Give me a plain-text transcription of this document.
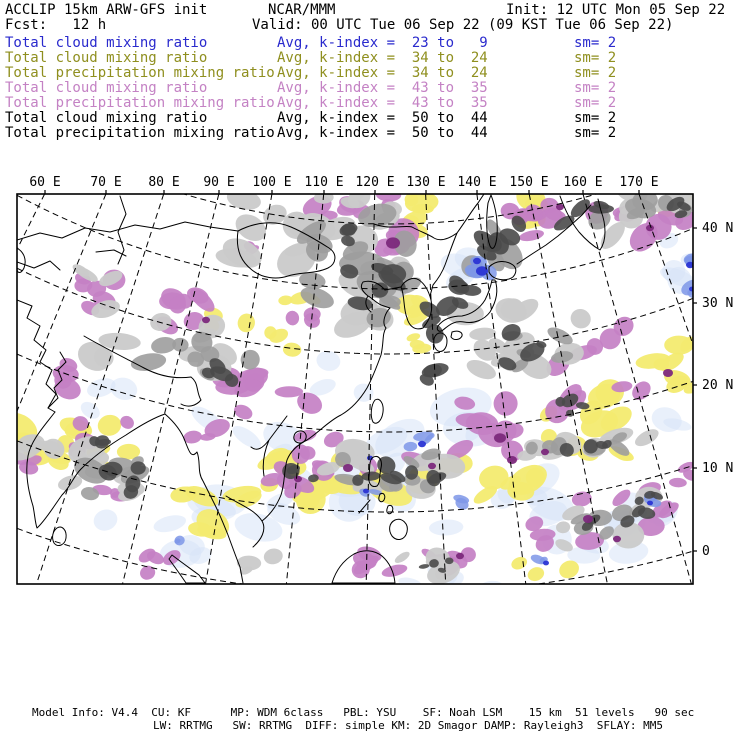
ACCLIP 15km ARW-GFS init	NCAR/MMM	Init: 12 UTC Mon 05 Sep 22
Fcst:   12 h	Valid: 00 UTC Tue 06 Sep 22 (09 KST Tue 06 Sep 22)
Total cloud mixing ratio	Avg, k-index =  23 to   9	sm= 2
Total cloud mixing ratio	Avg, k-index =  34 to  24	sm= 2
Total precipitation mixing ratio Avg, k-index =  34 to  24	sm= 2
Total cloud mixing ratio	Avg, k-index =  43 to  35	sm= 2
Total precipitation mixing ratio Avg, k-index =  43 to  35	sm= 2
Total cloud mixing ratio	Avg, k-index =  50 to  44	sm= 2
Total precipitation mixing ratio Avg, k-index =  50 to  44	sm= 2
60 E 70 E 80 E 90 E 100 E 110 E 120 E 130 E 140 E 150 E 160 E 170 E
40 N
30 N
20 N
10 N
0
Model Info: V4.4  CU: KF      MP: WDM 6class   PBL: YSU    SF: Noah LSM    15 km  51 levels   90 sec
LW: RRTMG   SW: RRTMG  DIFF: simple KM: 2D Smagor DAMP: Rayleigh3  SFLAY: MM5
